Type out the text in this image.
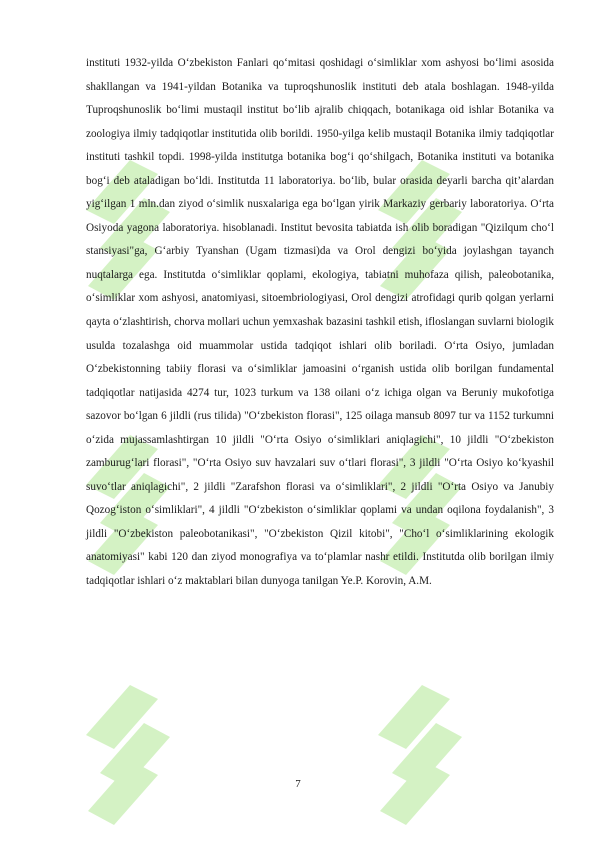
instituti 1932-yilda O‘zbekiston Fanlari qo‘mitasi qoshidagi o‘simliklar xom ashyosi bo‘limi asosida shakllangan va 1941-yildan Botanika va tuproqshunoslik instituti deb atala boshlagan. 1948-yilda Tuproqshunoslik bo‘limi mustaqil institut bo‘lib ajralib chiqqach, botanikaga oid ishlar Botanika va zoologiya ilmiy tadqiqotlar institutida olib borildi. 1950-yilga kelib mustaqil Botanika ilmiy tadqiqotlar instituti tashkil topdi. 1998-yilda institutga botanika bog‘i qo‘shilgach, Botanika instituti va botanika bog‘i deb ataladigan bo‘ldi. Institutda 11 laboratoriya. bo‘lib, bular orasida deyarli barcha qit’alardan yig‘ilgan 1 mln.dan ziyod o‘simlik nusxalariga ega bo‘lgan yirik Markaziy gerbariy laboratoriya. O‘rta Osiyoda yagona laboratoriya. hisoblanadi. Institut bevosita tabiatda ish olib boradigan "Qizilqum cho‘l stansiyasi"ga, G‘arbiy Tyanshan (Ugam tizmasi)da va Orol dengizi bo‘yida joylashgan tayanch nuqtalarga ega. Institutda o‘simliklar qoplami, ekologiya, tabiatni muhofaza qilish, paleobotanika, o‘simliklar xom ashyosi, anatomiyasi, sitoembriologiyasi, Orol dengizi atrofidagi qurib qolgan yerlarni qayta o‘zlashtirish, chorva mollari uchun yemxashak bazasini tashkil etish, ifloslangan suvlarni biologik usulda tozalashga oid muammolar ustida tadqiqot ishlari olib boriladi. O‘rta Osiyo, jumladan O‘zbekistonning tabiiy florasi va o‘simliklar jamoasini o‘rganish ustida olib borilgan fundamental tadqiqotlar natijasida 4274 tur, 1023 turkum va 138 oilani o‘z ichiga olgan va Beruniy mukofotiga sazovor bo‘lgan 6 jildli (rus tilida) "O‘zbekiston florasi", 125 oilaga mansub 8097 tur va 1152 turkumni o‘zida mujassamlashtirgan 10 jildli "O‘rta Osiyo o‘simliklari aniqlagichi", 10 jildli "O‘zbekiston zamburug‘lari florasi", "O‘rta Osiyo suv havzalari suv o‘tlari florasi", 3 jildli "O‘rta Osiyo ko‘kyashil suvo‘tlar aniqlagichi", 2 jildli "Zarafshon florasi va o‘simliklari", 2 jildli "O‘rta Osiyo va Janubiy Qozog‘iston o‘simliklari", 4 jildli "O‘zbekiston o‘simliklar qoplami va undan oqilona foydalanish", 3 jildli "O‘zbekiston paleobotanikasi", "O‘zbekiston Qizil kitobi", "Cho‘l o‘simliklarining ekologik anatomiyasi" kabi 120 dan ziyod monografiya va to‘plamlar nashr etildi. Institutda olib borilgan ilmiy tadqiqotlar ishlari o‘z maktablari bilan dunyoga tanilgan Ye.P. Korovin, A.M.

7
